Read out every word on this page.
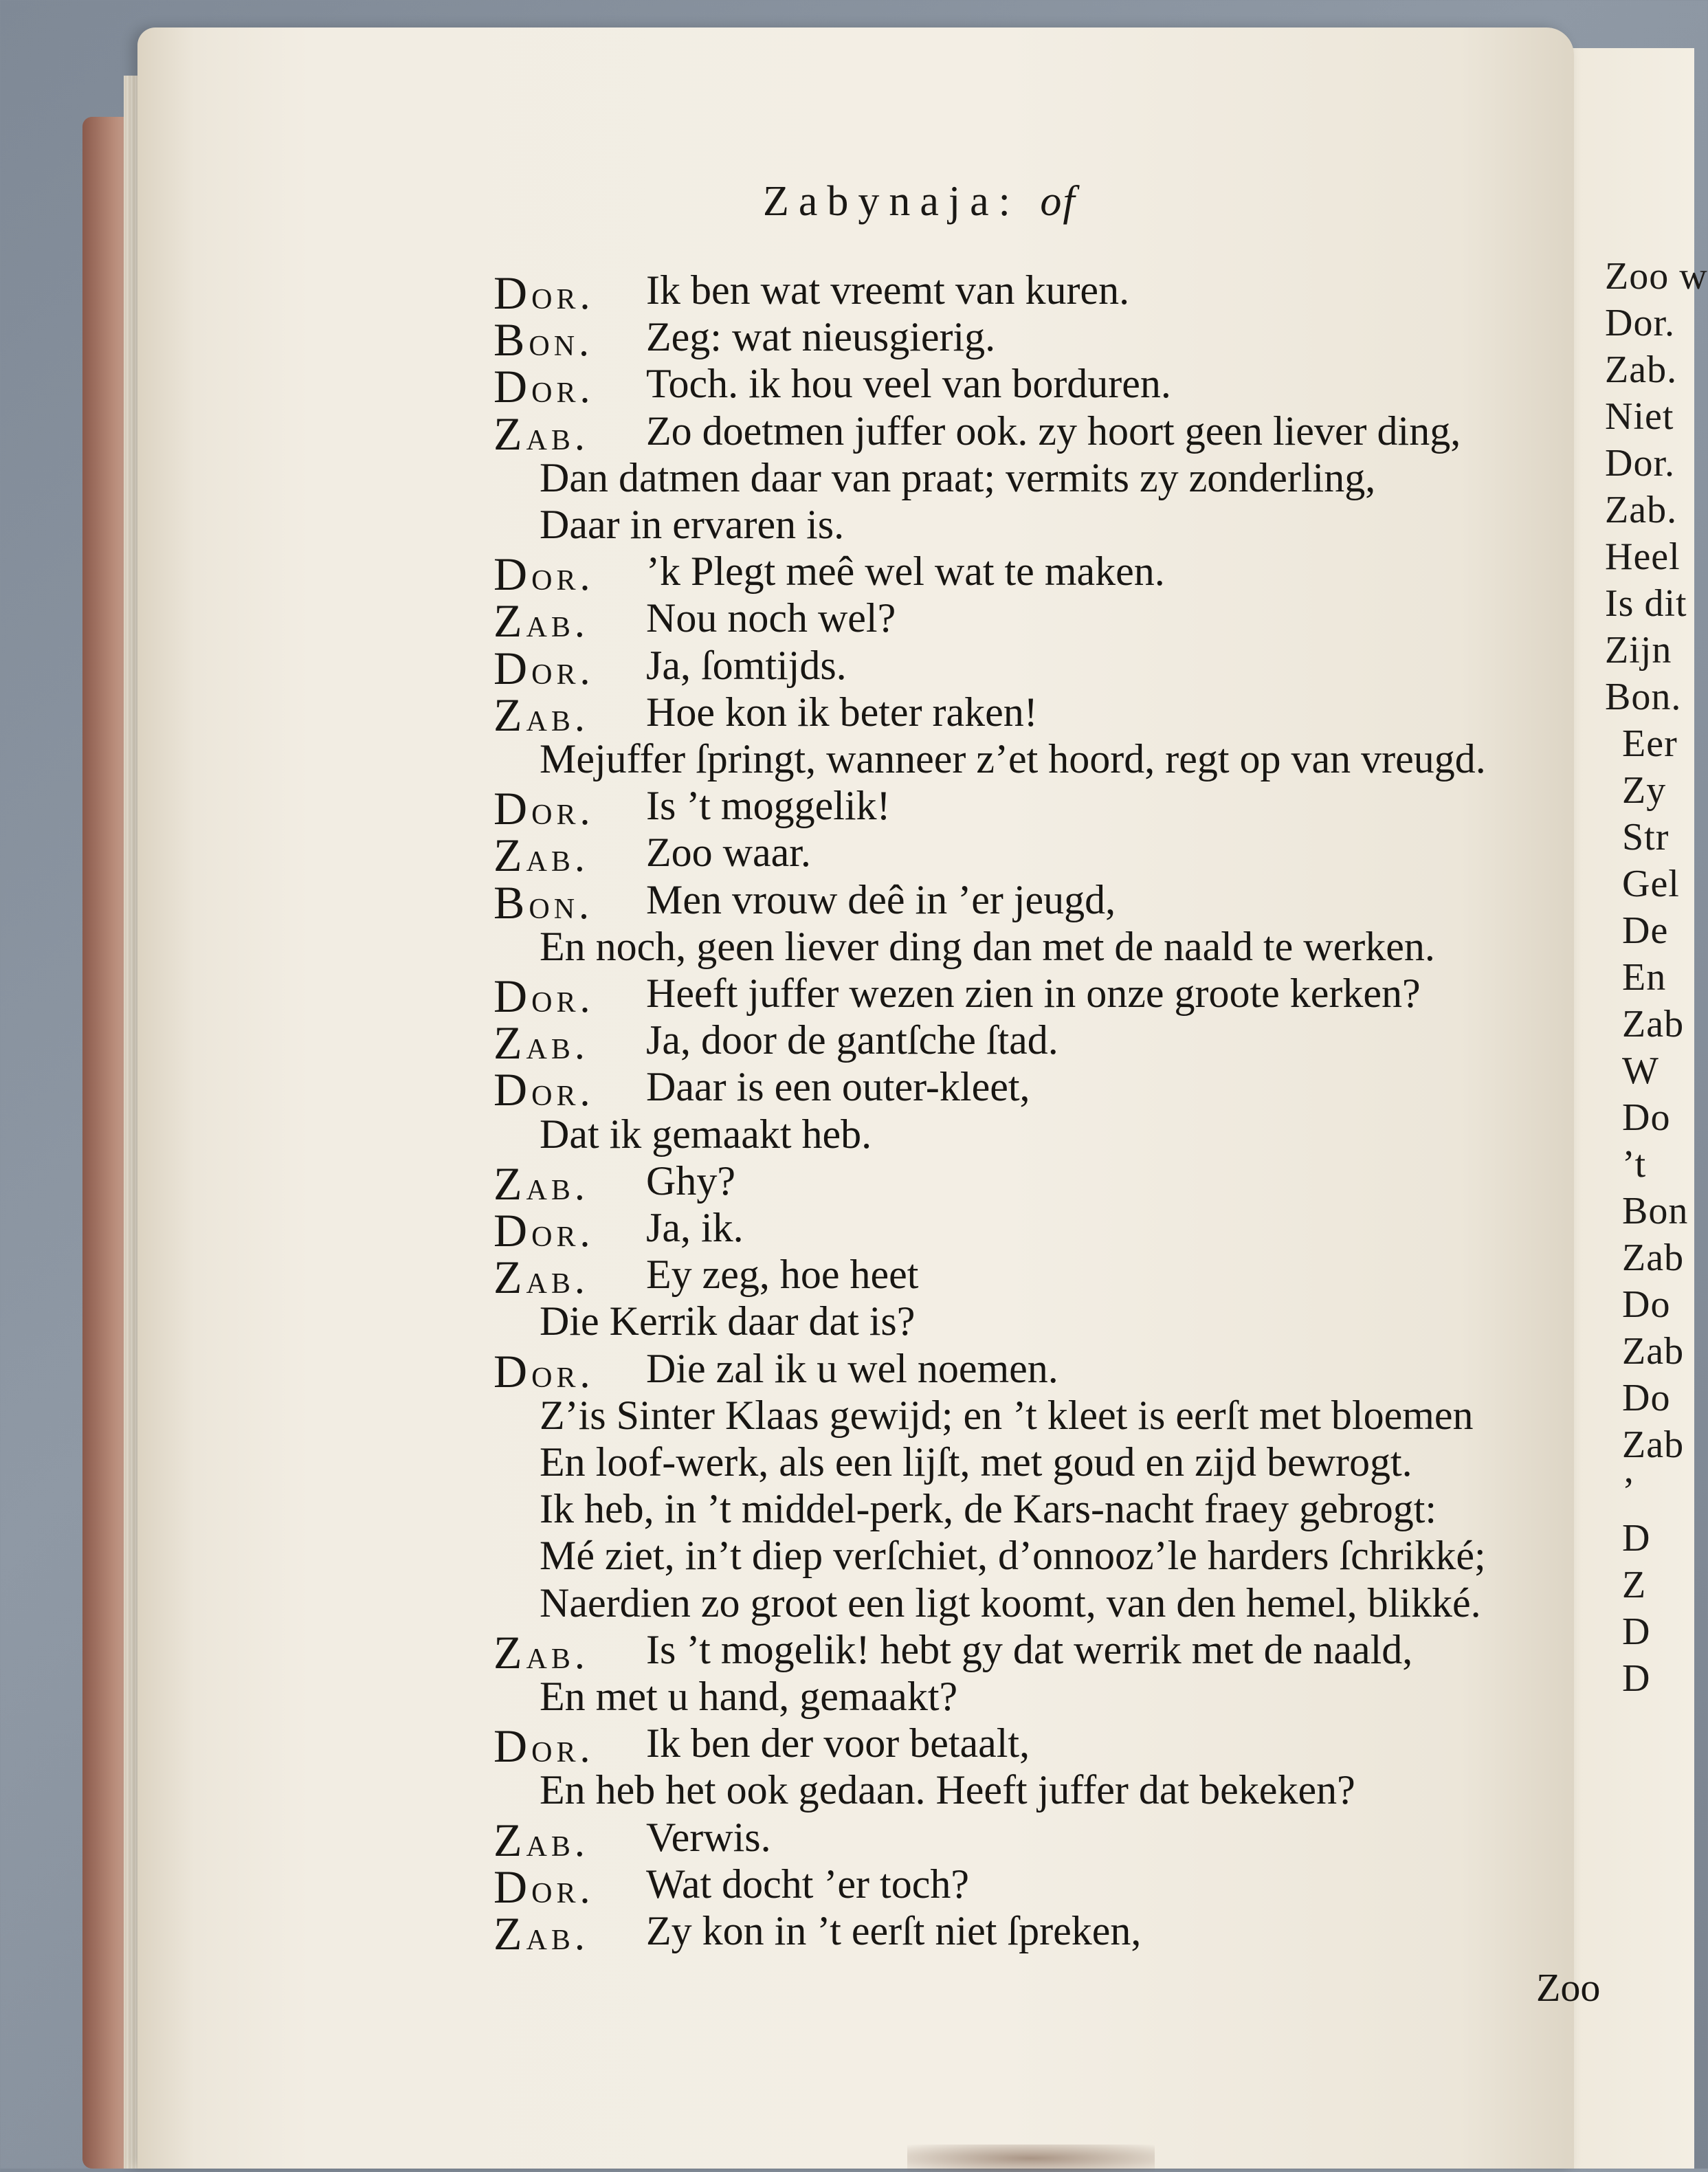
Zoo w
Dor.
Zab.
Niet
Dor.
Zab.
Heel
Is dit
Zijn
Bon.
Eer
Zy
Str
Gel
De
En
Zab
W
Do
’t
Bon
Zab
Do
Zab
Do
Zab
’
D
Z
D
D
Zabynaja: of
Dor. Ik ben wat vreemt van kuren.
Bon. Zeg: wat nieusgierig.
Dor. Toch. ik hou veel van borduren.
Zab. Zo doetmen juffer ook. zy hoort geen liever ding,
Dan datmen daar van praat; vermits zy zonderling,
Daar in ervaren is.
Dor. ’k Plegt meê wel wat te maken.
Zab. Nou noch wel?
Dor. Ja, ſomtijds.
Zab. Hoe kon ik beter raken!
Mejuffer ſpringt, wanneer z’et hoord, regt op van vreugd.
Dor. Is ’t moggelik!
Zab. Zoo waar.
Bon. Men vrouw deê in ’er jeugd,
En noch, geen liever ding dan met de naald te werken.
Dor. Heeft juffer wezen zien in onze groote kerken?
Zab. Ja, door de gantſche ſtad.
Dor. Daar is een outer-kleet,
Dat ik gemaakt heb.
Zab. Ghy?
Dor. Ja, ik.
Zab. Ey zeg, hoe heet
Die Kerrik daar dat is?
Dor. Die zal ik u wel noemen.
Z’is Sinter Klaas gewijd; en ’t kleet is eerſt met bloemen
En loof-werk, als een lijſt, met goud en zijd bewrogt.
Ik heb, in ’t middel-perk, de Kars-nacht fraey gebrogt:
Mé ziet, in’t diep verſchiet, d’onnooz’le harders ſchrikké;
Naerdien zo groot een ligt koomt, van den hemel, blikké.
Zab. Is ’t mogelik! hebt gy dat werrik met de naald,
En met u hand, gemaakt?
Dor. Ik ben der voor betaalt,
En heb het ook gedaan. Heeft juffer dat bekeken?
Zab. Verwis.
Dor. Wat docht ’er toch?
Zab. Zy kon in ’t eerſt niet ſpreken,
Zoo
